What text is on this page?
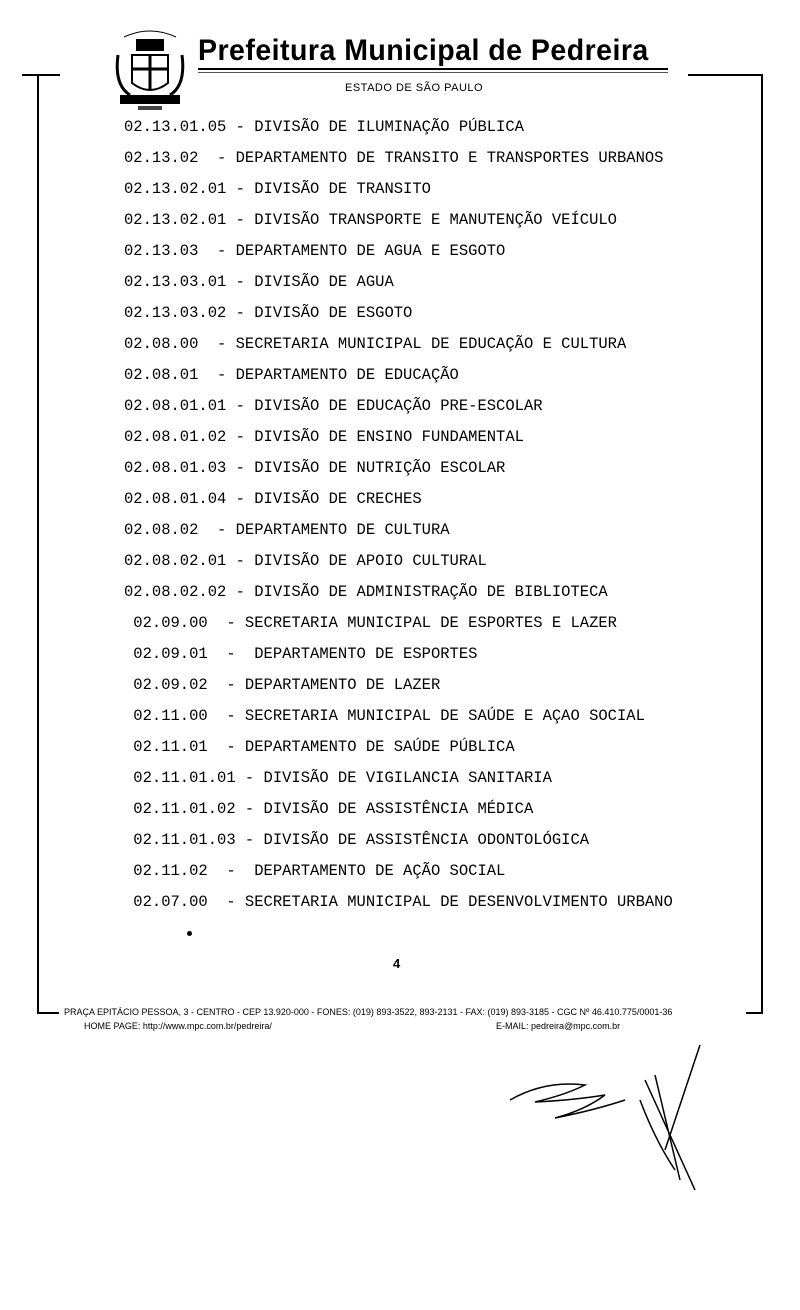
Prefeitura Municipal de Pedreira
ESTADO DE SÃO PAULO
02.13.01.05 - DIVISÃO DE ILUMINAÇÃO PÚBLICA
02.13.02  - DEPARTAMENTO DE TRANSITO E TRANSPORTES URBANOS
02.13.02.01 - DIVISÃO DE TRANSITO
02.13.02.01 - DIVISÃO TRANSPORTE E MANUTENÇÃO VEÍCULO
02.13.03  - DEPARTAMENTO DE AGUA E ESGOTO
02.13.03.01 - DIVISÃO DE AGUA
02.13.03.02 - DIVISÃO DE ESGOTO
02.08.00  - SECRETARIA MUNICIPAL DE EDUCAÇÃO E CULTURA
02.08.01  - DEPARTAMENTO DE EDUCAÇÃO
02.08.01.01 - DIVISÃO DE EDUCAÇÃO PRE-ESCOLAR
02.08.01.02 - DIVISÃO DE ENSINO FUNDAMENTAL
02.08.01.03 - DIVISÃO DE NUTRIÇÃO ESCOLAR
02.08.01.04 - DIVISÃO DE CRECHES
02.08.02  - DEPARTAMENTO DE CULTURA
02.08.02.01 - DIVISÃO DE APOIO CULTURAL
02.08.02.02 - DIVISÃO DE ADMINISTRAÇÃO DE BIBLIOTECA
02.09.00  - SECRETARIA MUNICIPAL DE ESPORTES E LAZER
02.09.01  -  DEPARTAMENTO DE ESPORTES
02.09.02  - DEPARTAMENTO DE LAZER
02.11.00  - SECRETARIA MUNICIPAL DE SAÚDE E AÇAO SOCIAL
02.11.01  - DEPARTAMENTO DE SAÚDE PÚBLICA
02.11.01.01 - DIVISÃO DE VIGILANCIA SANITARIA
02.11.01.02 - DIVISÃO DE ASSISTÊNCIA MÉDICA
02.11.01.03 - DIVISÃO DE ASSISTÊNCIA ODONTOLÓGICA
02.11.02  -  DEPARTAMENTO DE AÇÃO SOCIAL
02.07.00  - SECRETARIA MUNICIPAL DE DESENVOLVIMENTO URBANO
4
PRAÇA EPITÁCIO PESSOA, 3 - CENTRO - CEP 13.920-000 - FONES: (019) 893-3522, 893-2131 - FAX: (019) 893-3185 - CGC Nº 46.410.775/0001-36
HOME PAGE: http://www.mpc.com.br/pedreira/	E-MAIL: pedreira@mpc.com.br
